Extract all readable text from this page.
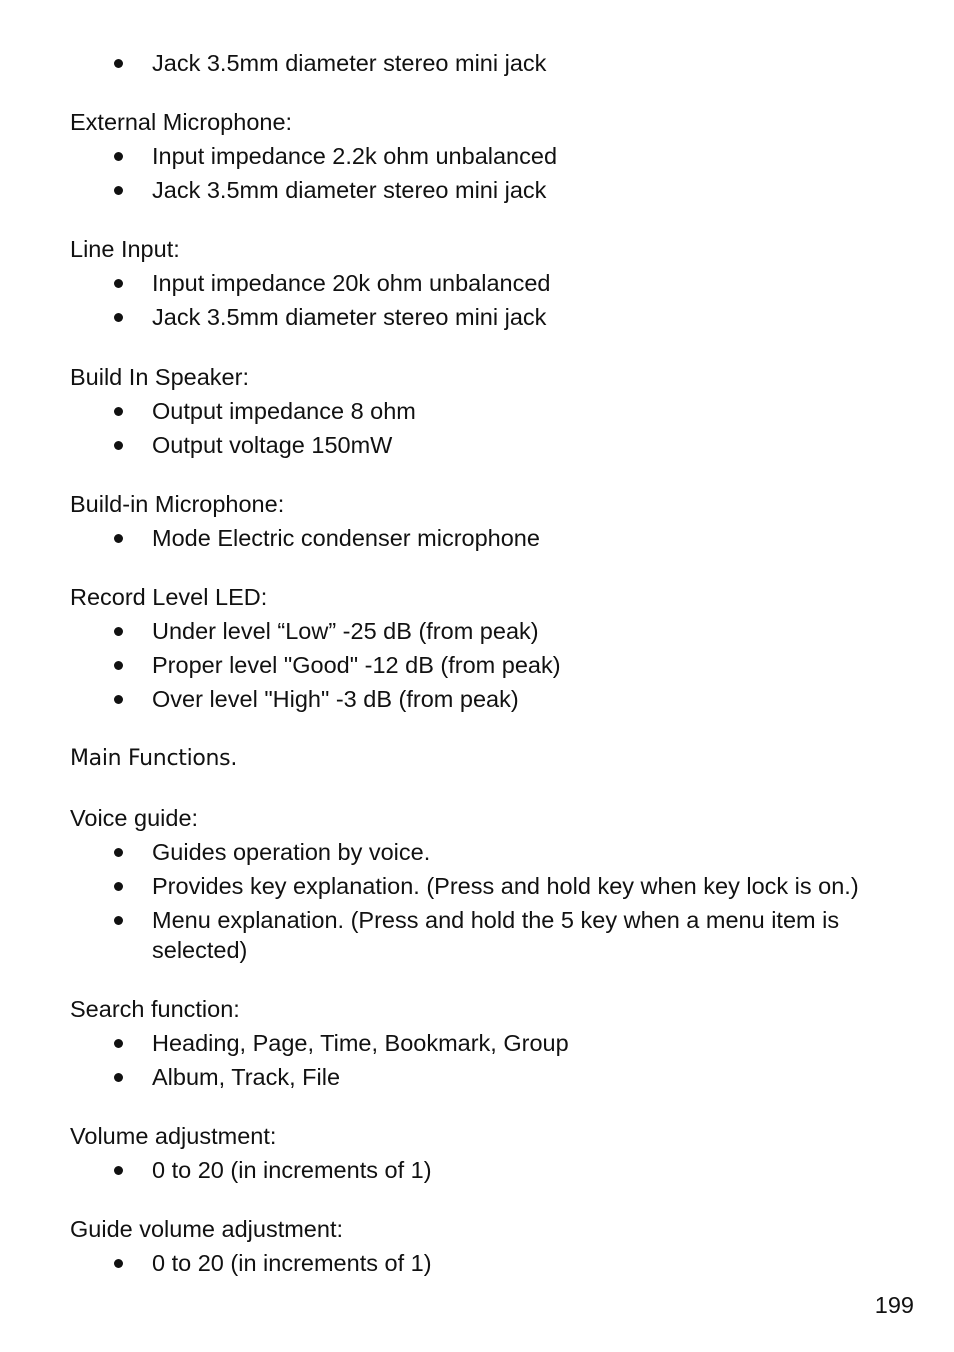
Jack 3.5mm diameter stereo mini jack
External Microphone:
Input impedance 2.2k ohm unbalanced
Jack 3.5mm diameter stereo mini jack
Line Input:
Input impedance 20k ohm unbalanced
Jack 3.5mm diameter stereo mini jack
Build In Speaker:
Output impedance 8 ohm
Output voltage 150mW
Build-in Microphone:
Mode Electric condenser microphone
Record Level LED:
Under level “Low” -25 dB (from peak)
Proper level "Good" -12 dB (from peak)
Over level "High" -3 dB (from peak)
Main Functions.
Voice guide:
Guides operation by voice.
Provides key explanation. (Press and hold key when key lock is on.)
Menu explanation. (Press and hold the 5 key when a menu item is selected)
Search function:
Heading, Page, Time, Bookmark, Group
Album, Track, File
Volume adjustment:
0 to 20 (in increments of 1)
Guide volume adjustment:
0 to 20 (in increments of 1)
199
